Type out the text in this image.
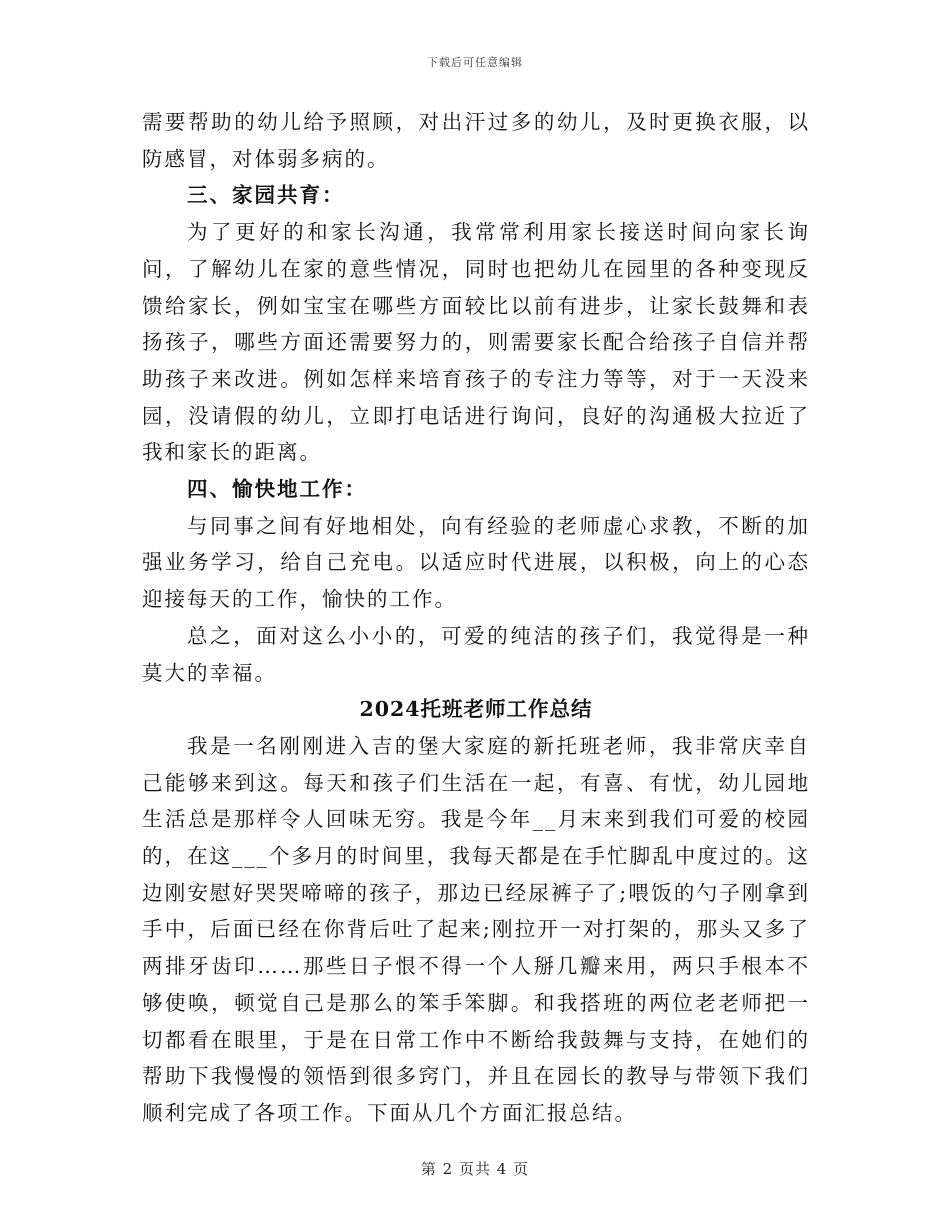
下载后可任意编辑

需要帮助的幼儿给予照顾，对出汗过多的幼儿，及时更换衣服，以防感冒，对体弱多病的。

三、家园共育：

为了更好的和家长沟通，我常常利用家长接送时间向家长询问，了解幼儿在家的意些情况，同时也把幼儿在园里的各种变现反馈给家长，例如宝宝在哪些方面较比以前有进步，让家长鼓舞和表扬孩子，哪些方面还需要努力的，则需要家长配合给孩子自信并帮助孩子来改进。例如怎样来培育孩子的专注力等等，对于一天没来园，没请假的幼儿，立即打电话进行询问，良好的沟通极大拉近了我和家长的距离。

四、愉快地工作：

与同事之间有好地相处，向有经验的老师虚心求教，不断的加强业务学习，给自己充电。以适应时代进展，以积极，向上的心态迎接每天的工作，愉快的工作。

总之，面对这么小小的，可爱的纯洁的孩子们，我觉得是一种莫大的幸福。

2024托班老师工作总结

我是一名刚刚进入吉的堡大家庭的新托班老师，我非常庆幸自己能够来到这。每天和孩子们生活在一起，有喜、有忧，幼儿园地生活总是那样令人回味无穷。我是今年__月末来到我们可爱的校园的，在这___个多月的时间里，我每天都是在手忙脚乱中度过的。这边刚安慰好哭哭啼啼的孩子，那边已经尿裤子了;喂饭的勺子刚拿到手中，后面已经在你背后吐了起来;刚拉开一对打架的，那头又多了两排牙齿印……那些日子恨不得一个人掰几瓣来用，两只手根本不够使唤，顿觉自己是那么的笨手笨脚。和我搭班的两位老老师把一切都看在眼里，于是在日常工作中不断给我鼓舞与支持，在她们的帮助下我慢慢的领悟到很多窍门，并且在园长的教导与带领下我们顺利完成了各项工作。下面从几个方面汇报总结。

第 2 页共 4 页
